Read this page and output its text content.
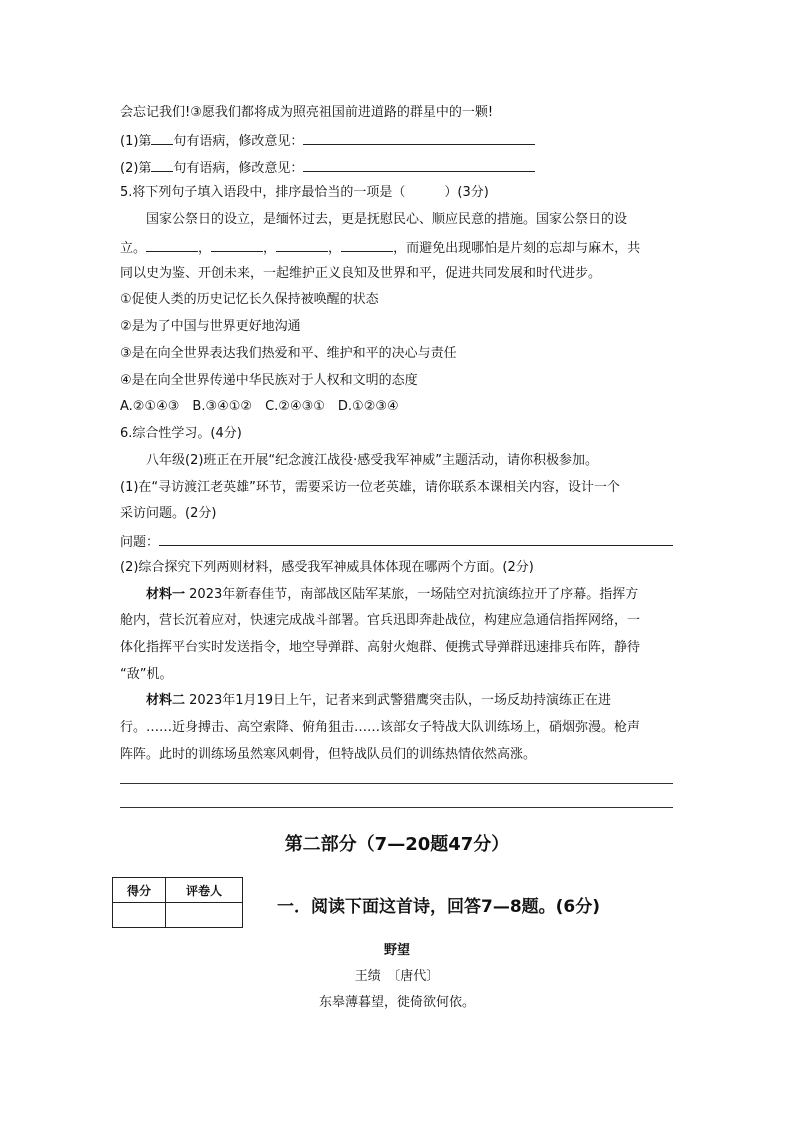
会忘记我们!③愿我们都将成为照亮祖国前进道路的群星中的一颗!
(1)第 句有语病，修改意见：
(2)第 句有语病，修改意见：
5.将下列句子填入语段中，排序最恰当的一项是（　　　）(3分)
国家公祭日的设立，是缅怀过去，更是抚慰民心、顺应民意的措施。国家公祭日的设
立。	，	，	，	，而避免出现哪怕是片刻的忘却与麻木，共
同以史为鉴、开创未来，一起维护正义良知及世界和平，促进共同发展和时代进步。
①促使人类的历史记忆长久保持被唤醒的状态
②是为了中国与世界更好地沟通
③是在向全世界表达我们热爱和平、维护和平的决心与责任
④是在向全世界传递中华民族对于人权和文明的态度
A.②①④③　B.③④①②　C.②④③①　D.①②③④
6.综合性学习。(4分)
八年级(2)班正在开展“纪念渡江战役·感受我军神威”主题活动，请你积极参加。
(1)在“寻访渡江老英雄”环节，需要采访一位老英雄，请你联系本课相关内容，设计一个
采访问题。(2分)
问题：
(2)综合探究下列两则材料，感受我军神威具体体现在哪两个方面。(2分)
材料一 2023年新春佳节，南部战区陆军某旅，一场陆空对抗演练拉开了序幕。指挥方
舱内，营长沉着应对，快速完成战斗部署。官兵迅即奔赴战位，构建应急通信指挥网络，一
体化指挥平台实时发送指令，地空导弹群、高射火炮群、便携式导弹群迅速排兵布阵，静待
“敌”机。
材料二 2023年1月19日上午，记者来到武警猎鹰突击队，一场反劫持演练正在进
行。……近身搏击、高空索降、俯角狙击……该部女子特战大队训练场上，硝烟弥漫。枪声
阵阵。此时的训练场虽然寒风刺骨，但特战队员们的训练热情依然高涨。
第二部分（7—20题47分）
得分	评卷人

一．阅读下面这首诗，回答7—8题。(6分)
野望
王绩　〔唐代〕
东皋薄暮望，徙倚欲何依。
